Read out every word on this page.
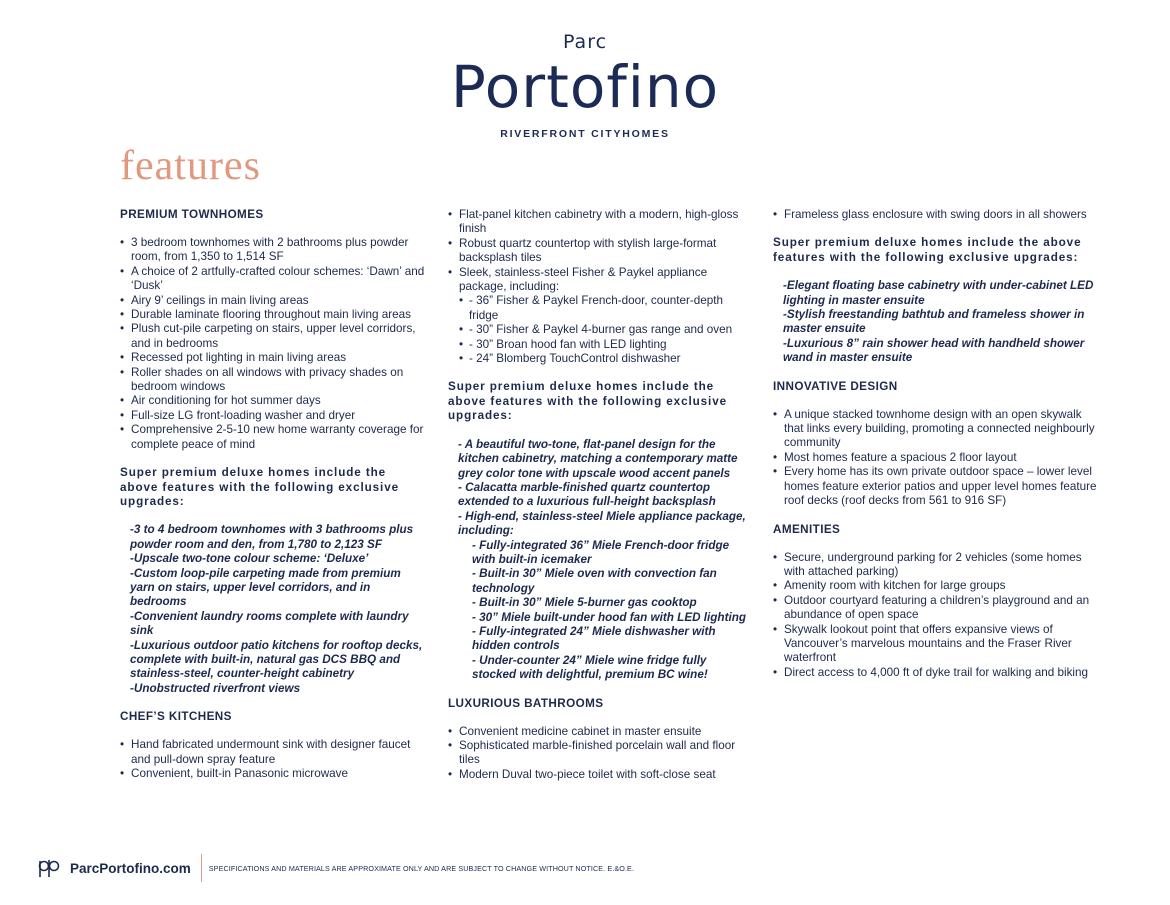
Parc
Portofino
RIVERFRONT CITYHOMES
features
PREMIUM TOWNHOMES
• 3 bedroom townhomes with 2 bathrooms plus powder room, from 1,350 to 1,514 SF
• A choice of 2 artfully-crafted colour schemes: ‘Dawn’ and ‘Dusk’
• Airy 9’ ceilings in main living areas
• Durable laminate flooring throughout main living areas
• Plush cut-pile carpeting on stairs, upper level corridors, and in bedrooms
• Recessed pot lighting in main living areas
• Roller shades on all windows with privacy shades on bedroom windows
• Air conditioning for hot summer days
• Full-size LG front-loading washer and dryer
• Comprehensive 2-5-10 new home warranty coverage for complete peace of mind
Super premium deluxe homes include the above features with the following exclusive upgrades:
-3 to 4 bedroom townhomes with 3 bathrooms plus powder room and den, from 1,780 to 2,123 SF
-Upscale two-tone colour scheme: ‘Deluxe’
-Custom loop-pile carpeting made from premium yarn on stairs, upper level corridors, and in bedrooms
-Convenient laundry rooms complete with laundry sink
-Luxurious outdoor patio kitchens for rooftop decks, complete with built-in, natural gas DCS BBQ and stainless-steel, counter-height cabinetry
-Unobstructed riverfront views
CHEF’S KITCHENS
• Hand fabricated undermount sink with designer faucet and pull-down spray feature
• Convenient, built-in Panasonic microwave
• Flat-panel kitchen cabinetry with a modern, high-gloss finish
• Robust quartz countertop with stylish large-format backsplash tiles
• Sleek, stainless-steel Fisher & Paykel appliance package, including:
• - 36” Fisher & Paykel French-door, counter-depth fridge
• - 30” Fisher & Paykel 4-burner gas range and oven
• - 30” Broan hood fan with LED lighting
• - 24” Blomberg TouchControl dishwasher
Super premium deluxe homes include the above features with the following exclusive upgrades:
- A beautiful two-tone, flat-panel design for the kitchen cabinetry, matching a contemporary matte grey color tone with upscale wood accent panels
- Calacatta marble-finished quartz countertop extended to a luxurious full-height backsplash
- High-end, stainless-steel Miele appliance package, including:
- Fully-integrated 36” Miele French-door fridge with built-in icemaker
- Built-in 30” Miele oven with convection fan technology
- Built-in 30” Miele 5-burner gas cooktop
- 30” Miele built-under hood fan with LED lighting
- Fully-integrated 24” Miele dishwasher with hidden controls
- Under-counter 24” Miele wine fridge fully stocked with delightful, premium BC wine!
LUXURIOUS BATHROOMS
• Convenient medicine cabinet in master ensuite
• Sophisticated marble-finished porcelain wall and floor tiles
• Modern Duval two-piece toilet with soft-close seat
• Frameless glass enclosure with swing doors in all showers
Super premium deluxe homes include the above features with the following exclusive upgrades:
-Elegant floating base cabinetry with under-cabinet LED lighting in master ensuite
-Stylish freestanding bathtub and frameless shower in master ensuite
-Luxurious 8” rain shower head with handheld shower wand in master ensuite
INNOVATIVE DESIGN
• A unique stacked townhome design with an open skywalk that links every building, promoting a connected neighbourly community
• Most homes feature a spacious 2 floor layout
• Every home has its own private outdoor space – lower level homes feature exterior patios and upper level homes feature roof decks (roof decks from 561 to 916 SF)
AMENITIES
• Secure, underground parking for 2 vehicles (some homes with attached parking)
• Amenity room with kitchen for large groups
• Outdoor courtyard featuring a children’s playground and an abundance of open space
• Skywalk lookout point that offers expansive views of Vancouver’s marvelous mountains and the Fraser River waterfront
• Direct access to 4,000 ft of dyke trail for walking and biking
ParcPortofino.com	SPECIFICATIONS AND MATERIALS ARE APPROXIMATE ONLY AND ARE SUBJECT TO CHANGE WITHOUT NOTICE. E.&O.E.
